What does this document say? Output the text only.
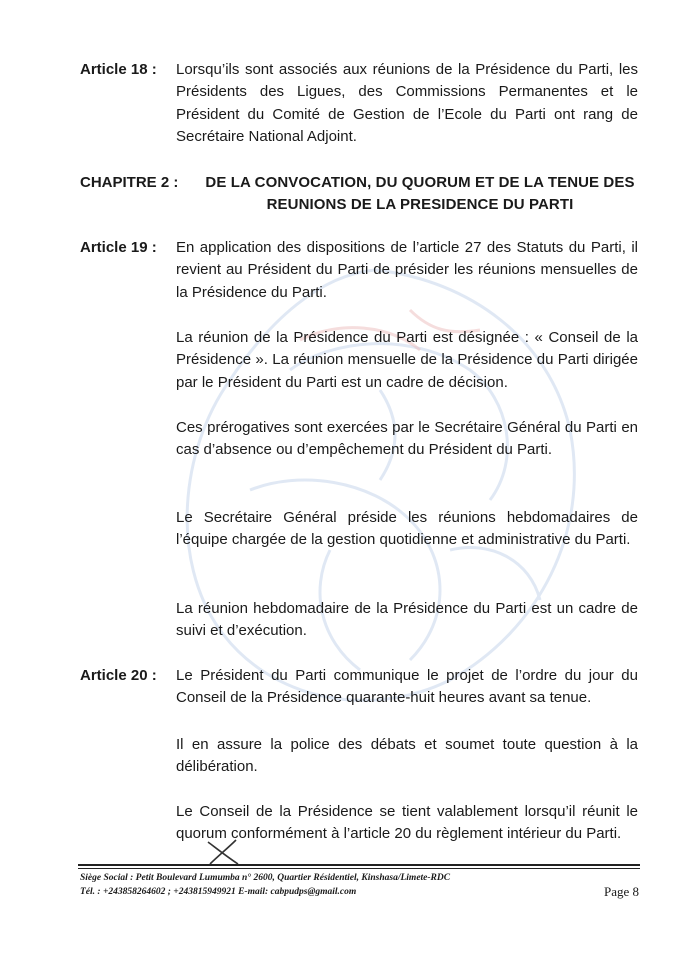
Article 18 : Lorsqu’ils sont associés aux réunions de la Présidence du Parti, les Présidents des Ligues, des Commissions Permanentes et le Président du Comité de Gestion de l’Ecole du Parti ont rang de Secrétaire National Adjoint.
CHAPITRE 2 :	DE LA CONVOCATION, DU QUORUM ET DE LA TENUE DES REUNIONS DE LA PRESIDENCE DU PARTI
Article 19 : En application des dispositions de l’article 27 des Statuts du Parti, il revient au Président du Parti de présider les réunions mensuelles de la Présidence du Parti.
La réunion de la Présidence du Parti est désignée : « Conseil de la Présidence ». La réunion mensuelle de la Présidence du Parti dirigée par le Président du Parti est un cadre de décision.
Ces prérogatives sont exercées par le Secrétaire Général du Parti en cas d’absence ou d’empêchement du Président du Parti.
Le Secrétaire Général préside les réunions hebdomadaires de l’équipe chargée de la gestion quotidienne et administrative du Parti.
La réunion hebdomadaire de la Présidence du Parti est un cadre de suivi et d’exécution.
Article 20 : Le Président du Parti communique le projet de l’ordre du jour du Conseil de la Présidence quarante-huit heures avant sa tenue.
Il en assure la police des débats et soumet toute question à la délibération.
Le Conseil de la Présidence se tient valablement lorsqu’il réunit le quorum conformément à l’article 20 du règlement intérieur du Parti.
Siège Social : Petit Boulevard Lumumba n° 2600, Quartier Résidentiel, Kinshasa/Limete-RDC
Tél. : +243858264602 ; +243815949921 E-mail: cabpudps@gmail.com	Page 8
